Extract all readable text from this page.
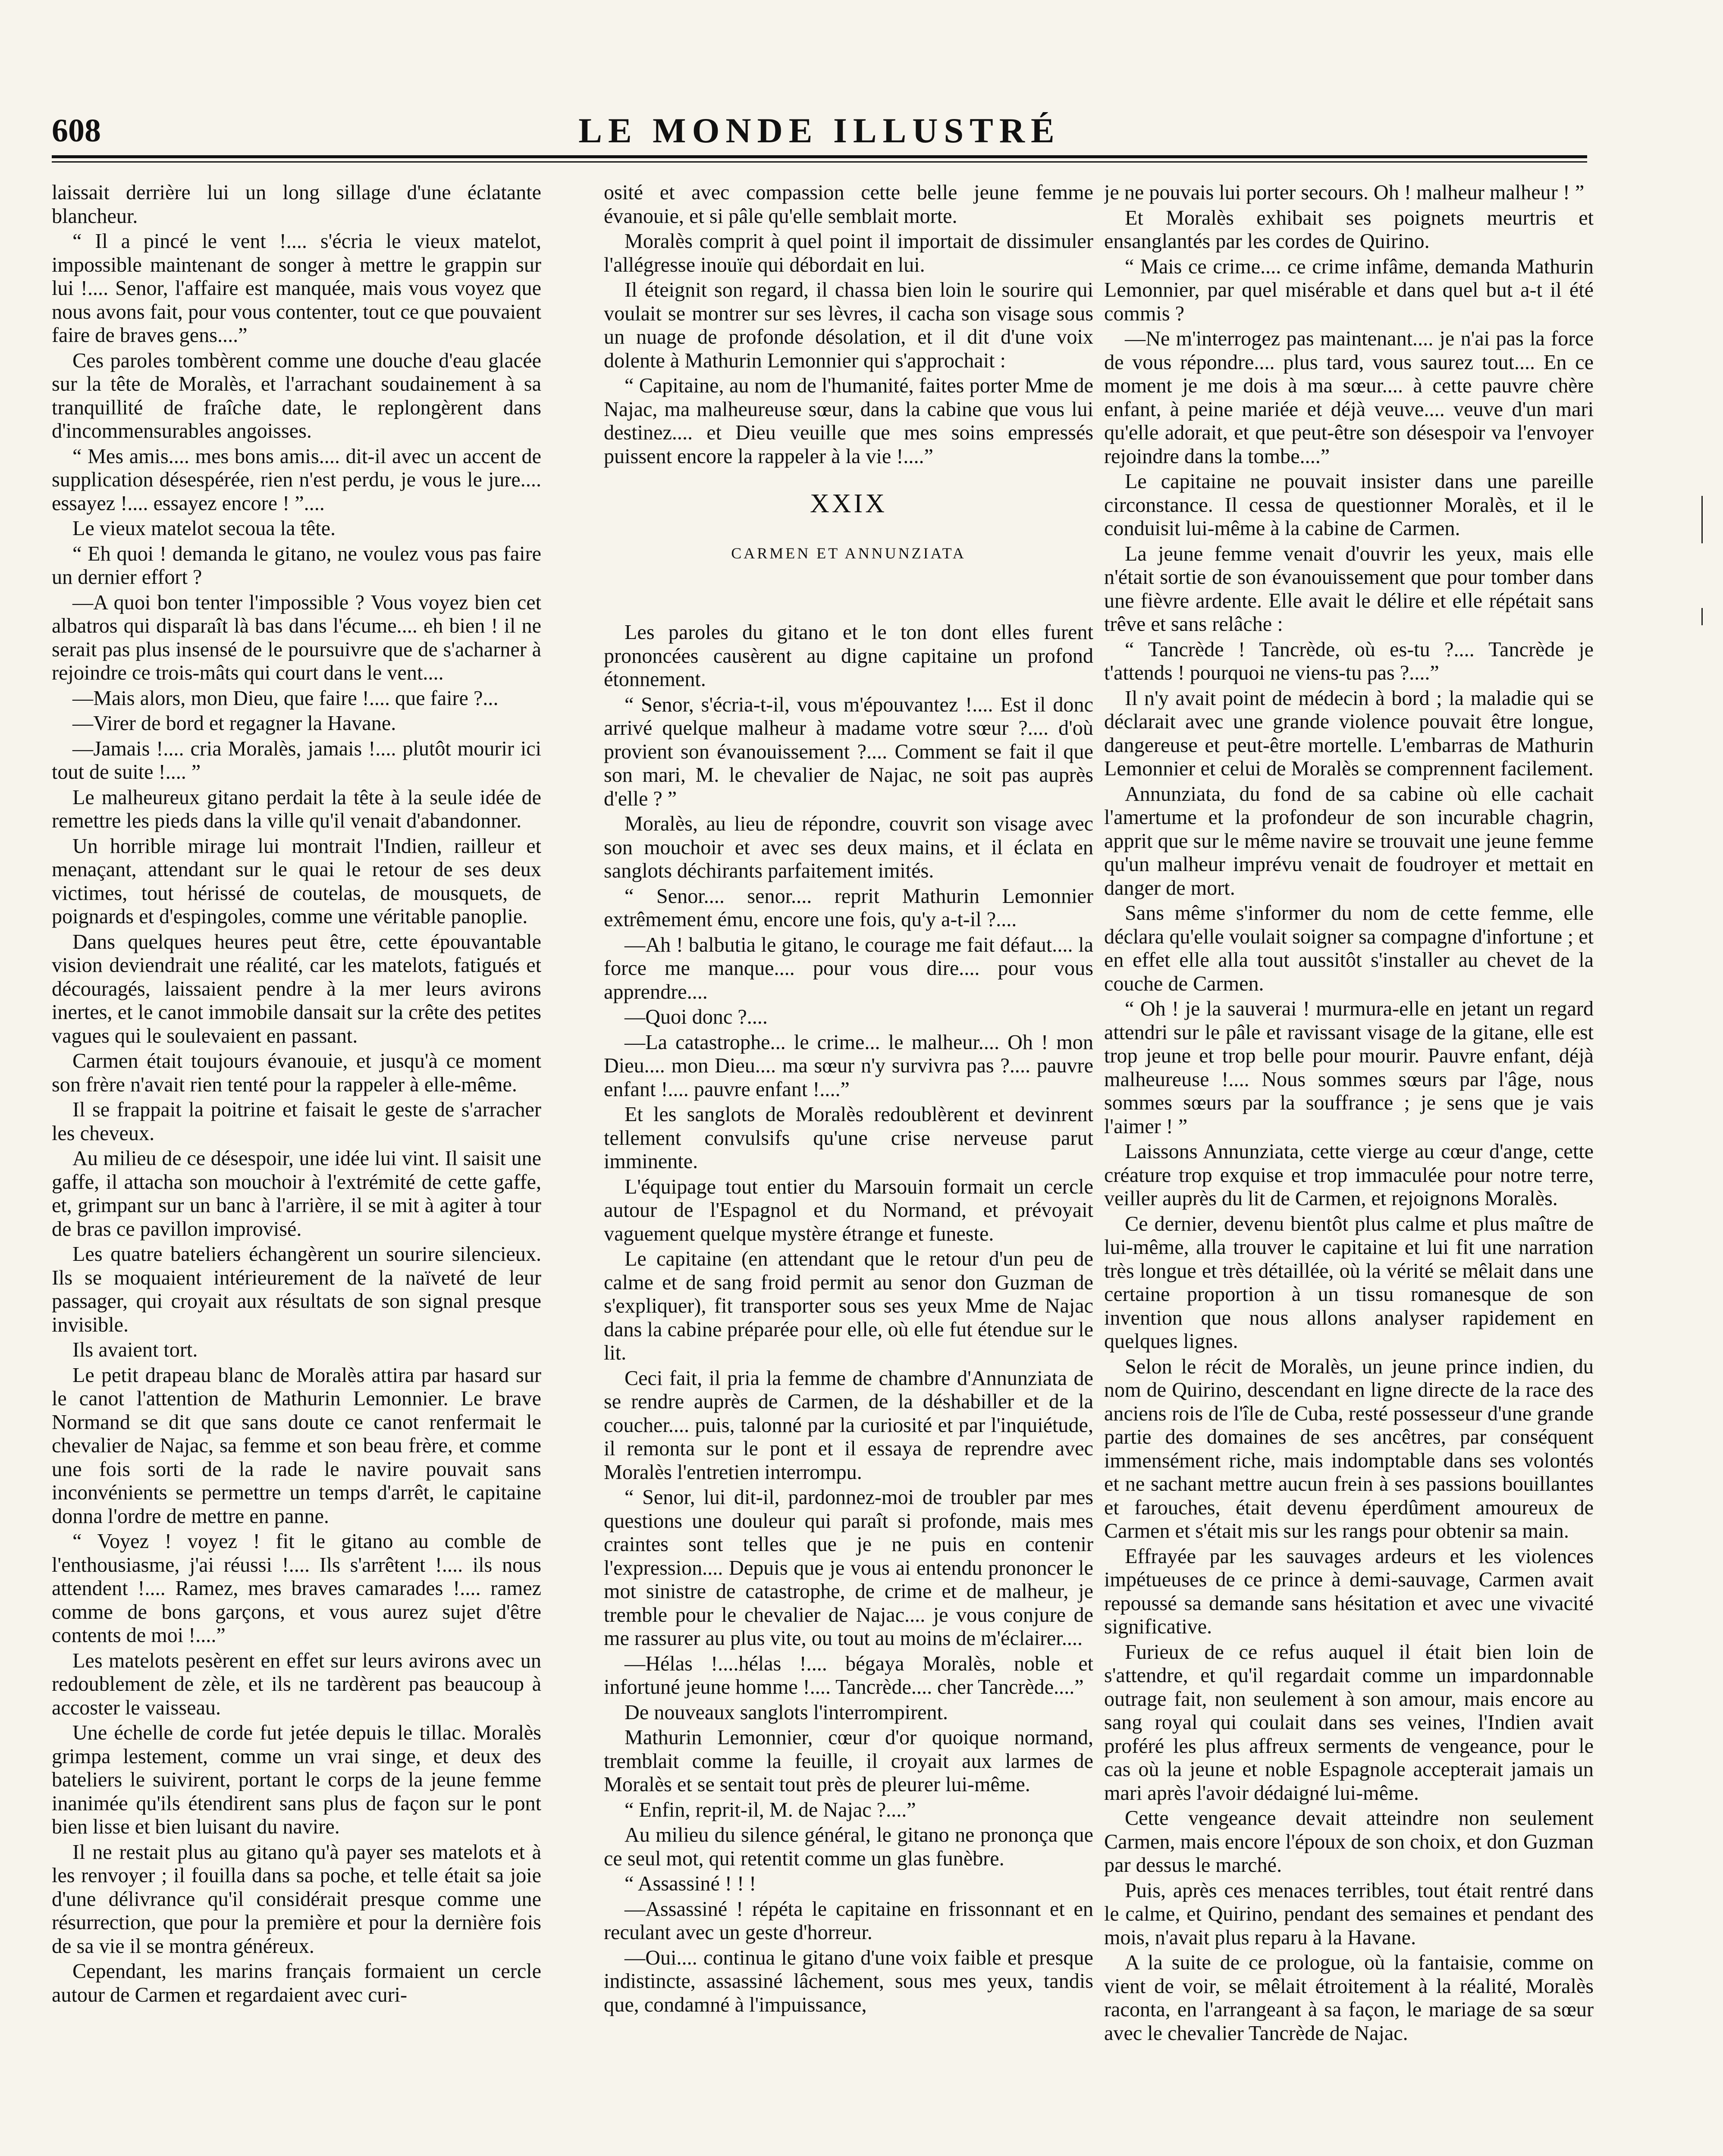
608	LE MONDE ILLUSTRÉ

laissait derrière lui un long sillage d'une éclatante blancheur.

“ Il a pincé le vent !.... s'écria le vieux matelot, impossible maintenant de songer à mettre le grappin sur lui !.... Senor, l'affaire est manquée, mais vous voyez que nous avons fait, pour vous contenter, tout ce que pouvaient faire de braves gens....”

Ces paroles tombèrent comme une douche d'eau glacée sur la tête de Moralès, et l'arrachant soudainement à sa tranquillité de fraîche date, le replongèrent dans d'incommensurables angoisses.

“ Mes amis.... mes bons amis.... dit-il avec un accent de supplication désespérée, rien n'est perdu, je vous le jure.... essayez !.... essayez encore ! ”....

Le vieux matelot secoua la tête.

“ Eh quoi ! demanda le gitano, ne voulez vous pas faire un dernier effort ?

—A quoi bon tenter l'impossible ? Vous voyez bien cet albatros qui disparaît là bas dans l'écume.... eh bien ! il ne serait pas plus insensé de le poursuivre que de s'acharner à rejoindre ce trois-mâts qui court dans le vent....

—Mais alors, mon Dieu, que faire !.... que faire ?...

—Virer de bord et regagner la Havane.

—Jamais !.... cria Moralès, jamais !.... plutôt mourir ici tout de suite !.... ”

Le malheureux gitano perdait la tête à la seule idée de remettre les pieds dans la ville qu'il venait d'abandonner.

Un horrible mirage lui montrait l'Indien, railleur et menaçant, attendant sur le quai le retour de ses deux victimes, tout hérissé de coutelas, de mousquets, de poignards et d'espingoles, comme une véritable panoplie.

Dans quelques heures peut être, cette épouvantable vision deviendrait une réalité, car les matelots, fatigués et découragés, laissaient pendre à la mer leurs avirons inertes, et le canot immobile dansait sur la crête des petites vagues qui le soulevaient en passant.

Carmen était toujours évanouie, et jusqu'à ce moment son frère n'avait rien tenté pour la rappeler à elle-même.

Il se frappait la poitrine et faisait le geste de s'arracher les cheveux.

Au milieu de ce désespoir, une idée lui vint. Il saisit une gaffe, il attacha son mouchoir à l'extrémité de cette gaffe, et, grimpant sur un banc à l'arrière, il se mit à agiter à tour de bras ce pavillon improvisé.

Les quatre bateliers échangèrent un sourire silencieux. Ils se moquaient intérieurement de la naïveté de leur passager, qui croyait aux résultats de son signal presque invisible.

Ils avaient tort.

Le petit drapeau blanc de Moralès attira par hasard sur le canot l'attention de Mathurin Lemonnier. Le brave Normand se dit que sans doute ce canot renfermait le chevalier de Najac, sa femme et son beau frère, et comme une fois sorti de la rade le navire pouvait sans inconvénients se permettre un temps d'arrêt, le capitaine donna l'ordre de mettre en panne.

“ Voyez ! voyez ! fit le gitano au comble de l'enthousiasme, j'ai réussi !.... Ils s'arrêtent !.... ils nous attendent !.... Ramez, mes braves camarades !.... ramez comme de bons garçons, et vous aurez sujet d'être contents de moi !....”

Les matelots pesèrent en effet sur leurs avirons avec un redoublement de zèle, et ils ne tardèrent pas beaucoup à accoster le vaisseau.

Une échelle de corde fut jetée depuis le tillac. Moralès grimpa lestement, comme un vrai singe, et deux des bateliers le suivirent, portant le corps de la jeune femme inanimée qu'ils étendirent sans plus de façon sur le pont bien lisse et bien luisant du navire.

Il ne restait plus au gitano qu'à payer ses matelots et à les renvoyer ; il fouilla dans sa poche, et telle était sa joie d'une délivrance qu'il considérait presque comme une résurrection, que pour la première et pour la dernière fois de sa vie il se montra généreux.

Cependant, les marins français formaient un cercle autour de Carmen et regardaient avec curi-

osité et avec compassion cette belle jeune femme évanouie, et si pâle qu'elle semblait morte.

Moralès comprit à quel point il importait de dissimuler l'allégresse inouïe qui débordait en lui.

Il éteignit son regard, il chassa bien loin le sourire qui voulait se montrer sur ses lèvres, il cacha son visage sous un nuage de profonde désolation, et il dit d'une voix dolente à Mathurin Lemonnier qui s'approchait :

“ Capitaine, au nom de l'humanité, faites porter Mme de Najac, ma malheureuse sœur, dans la cabine que vous lui destinez.... et Dieu veuille que mes soins empressés puissent encore la rappeler à la vie !....”

XXIX
CARMEN ET ANNUNZIATA

Les paroles du gitano et le ton dont elles furent prononcées causèrent au digne capitaine un profond étonnement.

“ Senor, s'écria-t-il, vous m'épouvantez !.... Est il donc arrivé quelque malheur à madame votre sœur ?.... d'où provient son évanouissement ?.... Comment se fait il que son mari, M. le chevalier de Najac, ne soit pas auprès d'elle ? ”

Moralès, au lieu de répondre, couvrit son visage avec son mouchoir et avec ses deux mains, et il éclata en sanglots déchirants parfaitement imités.

“ Senor.... senor.... reprit Mathurin Lemonnier extrêmement ému, encore une fois, qu'y a-t-il ?....

—Ah ! balbutia le gitano, le courage me fait défaut.... la force me manque.... pour vous dire.... pour vous apprendre....

—Quoi donc ?....

—La catastrophe... le crime... le malheur.... Oh ! mon Dieu.... mon Dieu.... ma sœur n'y survivra pas ?.... pauvre enfant !.... pauvre enfant !....”

Et les sanglots de Moralès redoublèrent et devinrent tellement convulsifs qu'une crise nerveuse parut imminente.

L'équipage tout entier du Marsouin formait un cercle autour de l'Espagnol et du Normand, et prévoyait vaguement quelque mystère étrange et funeste.

Le capitaine (en attendant que le retour d'un peu de calme et de sang froid permit au senor don Guzman de s'expliquer), fit transporter sous ses yeux Mme de Najac dans la cabine préparée pour elle, où elle fut étendue sur le lit.

Ceci fait, il pria la femme de chambre d'Annunziata de se rendre auprès de Carmen, de la déshabiller et de la coucher.... puis, talonné par la curiosité et par l'inquiétude, il remonta sur le pont et il essaya de reprendre avec Moralès l'entretien interrompu.

“ Senor, lui dit-il, pardonnez-moi de troubler par mes questions une douleur qui paraît si profonde, mais mes craintes sont telles que je ne puis en contenir l'expression.... Depuis que je vous ai entendu prononcer le mot sinistre de catastrophe, de crime et de malheur, je tremble pour le chevalier de Najac.... je vous conjure de me rassurer au plus vite, ou tout au moins de m'éclairer....

—Hélas !....hélas !.... bégaya Moralès, noble et infortuné jeune homme !.... Tancrède.... cher Tancrède....”

De nouveaux sanglots l'interrompirent.

Mathurin Lemonnier, cœur d'or quoique normand, tremblait comme la feuille, il croyait aux larmes de Moralès et se sentait tout près de pleurer lui-même.

“ Enfin, reprit-il, M. de Najac ?....”

Au milieu du silence général, le gitano ne prononça que ce seul mot, qui retentit comme un glas funèbre.

“ Assassiné ! ! !

—Assassiné ! répéta le capitaine en frissonnant et en reculant avec un geste d'horreur.

—Oui.... continua le gitano d'une voix faible et presque indistincte, assassiné lâchement, sous mes yeux, tandis que, condamné à l'impuissance,

je ne pouvais lui porter secours. Oh ! malheur malheur ! ”

Et Moralès exhibait ses poignets meurtris et ensanglantés par les cordes de Quirino.

“ Mais ce crime.... ce crime infâme, demanda Mathurin Lemonnier, par quel misérable et dans quel but a-t il été commis ?

—Ne m'interrogez pas maintenant.... je n'ai pas la force de vous répondre.... plus tard, vous saurez tout.... En ce moment je me dois à ma sœur.... à cette pauvre chère enfant, à peine mariée et déjà veuve.... veuve d'un mari qu'elle adorait, et que peut-être son désespoir va l'envoyer rejoindre dans la tombe....”

Le capitaine ne pouvait insister dans une pareille circonstance. Il cessa de questionner Moralès, et il le conduisit lui-même à la cabine de Carmen.

La jeune femme venait d'ouvrir les yeux, mais elle n'était sortie de son évanouissement que pour tomber dans une fièvre ardente. Elle avait le délire et elle répétait sans trêve et sans relâche :

“ Tancrède ! Tancrède, où es-tu ?.... Tancrède je t'attends ! pourquoi ne viens-tu pas ?....”

Il n'y avait point de médecin à bord ; la maladie qui se déclarait avec une grande violence pouvait être longue, dangereuse et peut-être mortelle. L'embarras de Mathurin Lemonnier et celui de Moralès se comprennent facilement.

Annunziata, du fond de sa cabine où elle cachait l'amertume et la profondeur de son incurable chagrin, apprit que sur le même navire se trouvait une jeune femme qu'un malheur imprévu venait de foudroyer et mettait en danger de mort.

Sans même s'informer du nom de cette femme, elle déclara qu'elle voulait soigner sa compagne d'infortune ; et en effet elle alla tout aussitôt s'installer au chevet de la couche de Carmen.

“ Oh ! je la sauverai ! murmura-elle en jetant un regard attendri sur le pâle et ravissant visage de la gitane, elle est trop jeune et trop belle pour mourir. Pauvre enfant, déjà malheureuse !.... Nous sommes sœurs par l'âge, nous sommes sœurs par la souffrance ; je sens que je vais l'aimer ! ”

Laissons Annunziata, cette vierge au cœur d'ange, cette créature trop exquise et trop immaculée pour notre terre, veiller auprès du lit de Carmen, et rejoignons Moralès.

Ce dernier, devenu bientôt plus calme et plus maître de lui-même, alla trouver le capitaine et lui fit une narration très longue et très détaillée, où la vérité se mêlait dans une certaine proportion à un tissu romanesque de son invention que nous allons analyser rapidement en quelques lignes.

Selon le récit de Moralès, un jeune prince indien, du nom de Quirino, descendant en ligne directe de la race des anciens rois de l'île de Cuba, resté possesseur d'une grande partie des domaines de ses ancêtres, par conséquent immensément riche, mais indomptable dans ses volontés et ne sachant mettre aucun frein à ses passions bouillantes et farouches, était devenu éperdûment amoureux de Carmen et s'était mis sur les rangs pour obtenir sa main.

Effrayée par les sauvages ardeurs et les violences impétueuses de ce prince à demi-sauvage, Carmen avait repoussé sa demande sans hésitation et avec une vivacité significative.

Furieux de ce refus auquel il était bien loin de s'attendre, et qu'il regardait comme un impardonnable outrage fait, non seulement à son amour, mais encore au sang royal qui coulait dans ses veines, l'Indien avait proféré les plus affreux serments de vengeance, pour le cas où la jeune et noble Espagnole accepterait jamais un mari après l'avoir dédaigné lui-même.

Cette vengeance devait atteindre non seulement Carmen, mais encore l'époux de son choix, et don Guzman par dessus le marché.

Puis, après ces menaces terribles, tout était rentré dans le calme, et Quirino, pendant des semaines et pendant des mois, n'avait plus reparu à la Havane.

A la suite de ce prologue, où la fantaisie, comme on vient de voir, se mêlait étroitement à la réalité, Moralès raconta, en l'arrangeant à sa façon, le mariage de sa sœur avec le chevalier Tancrède de Najac.
